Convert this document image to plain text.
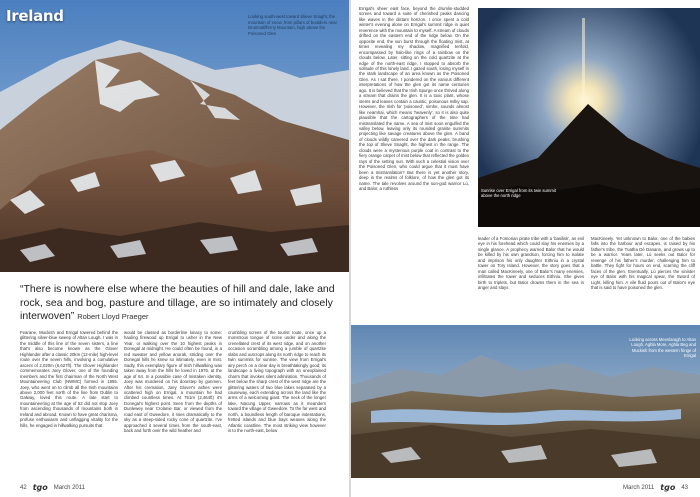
Ireland	Looking south-west toward Slieve Snaght, the mountain of snow, from pillars of boulders near Drumnalifferny Mountain, high above the Poisoned Glen
“There is nowhere else where the beauties of hill and dale, lake and rock, sea and bog, pasture and tillage, are so intimately and closely interwoven” Robert Lloyd Praeger
Fearane, Muckish and Errigal towered behind the glittering silver-blue sweep of Altan Lough. I was in the middle of this line of the seven sisters, a line that's also become known as the Glover Highlander after a classic 20km (12-mile) high-level route over the seven hills, involving a cumulative ascent of 2,020m (6,627ft). The Glover Highlander commemorates Joey Glover, one of the founding members and the first chairman of the North West Mountaineering Club (NWMC) formed in 1955. Joey, who went on to climb all the Irish mountains above 2,000 feet north of the line from Dublin to Galway, loved this route. A late start to mountaineering at the age of 52 did not stop Joey from ascending thousands of mountains both in Ireland and abroad. Known to have great charisma, profuse enthusiasm and unflagging vitality for the hills, he engaged in hillwalking pursuits that
would be classed as borderline lunacy to some: hauling firewood up Errigal to usher in the New Year, or walking over the 10 highest peaks in Donegal at midnight. He could often be found, in a red sweater and yellow anorak, striding over the Donegal hills he knew so intimately, even in mist. Sadly, this exemplary figure of Irish hillwalking was taken away from the hills he loved in 1976, at the age of 64. In a possible case of mistaken identity, Joey was murdered on his doorstep by gunmen. After his cremation, Joey Glover's ashes were scattered high on Errigal, a mountain he had climbed countless times. At 751m (2,464ft) it's Donegal's highest point. Seen from the depths of Dunlewey near Crolanie Bar, or viewed from the road east of Gweedore, it rises dramatically to the sky as a steep-sided rocky cone of quartzite. I've approached it several times from the south-east, back and forth over the wild heather and
crumbling screes of the tourist route, once up a monstrous tongue of scree under and along the crenellated crest of its west ridge, and on another occasion scrambling among a jumble of quartzite slabs and outcrops along its north ridge to reach its twin summits for sunrise. The view from Errigal's airy perch on a clear day is breathtakingly good; its landscape a living topograph with an unexplained charm that invokes silent admiration. Thousands of feet below the sharp crest of the west ridge are the glittering waters of two blue lakes separated by a causeway, each extending across the land like the arms of a welcoming giant. The neck of the longer lake, Nacung Upper, narrows as it meanders toward the village of Gweedore. To the far west and north, a boundless length of baroque indentations, fretted islands and blue bays weaves along the Atlantic coastline. The most striking view however is to the north-east, below
42 tgo March 2011
Errigal's sheer east face, beyond the drumlin-studded screes and toward a suite of cherished peaks dancing like waves in the distant horizon. I once spent a cold winter's evening alone on Errigal's summit ridge in quiet reverence with the mountain to myself. A stream of clouds drifted on the eastern end of the ridge below. On the opposite end, the sun burst through the floating mist, at times revealing my shadow, magnified tenfold, encompassed by halo-like rings of a rainbow on the clouds below. Later, sitting on the cold quartzite at the edge of the north-east ridge, I stopped to absorb the solitude of this lonely land. I gazed south, losing myself in the stark landscape of an area known as the Poisoned Glen. As I sat there, I pondered on the various different interpretations of how the glen got its name centuries ago. It is believed that the Irish Spurge once thrived along a stream that drains the glen. It is a toxic plant, whose stems and leaves contain a caustic, poisonous milky sap. However, the Irish for 'poisoned', nimhe, sounds almost like neamhai, which means 'heavenly', so it is also quite plausible that the cartographers of the time had mistranslated the name. A sea of mist soon engulfed the valley below, leaving only its rounded granite summits projecting like savage creatures above the glen. A band of clouds wildly careered over the dark peaks, brushing the top of Slieve Snaght, the highest in the range. The clouds were a mysterious purple coat in contrast to the fiery orange carpet of mist below that reflected the golden rays of the setting sun. With such a celestial vision over the Poisoned Glen, who could argue that it must have been a mistranslation? But there is yet another story, deep in the realms of folklore, of how the glen got its name. The tale revolves around the sun-god warrior Lú, and Balor, a ruthless	Sunrise over Errigal from its twin summit above the north ridge
leader of a Fomorian pirate tribe with a 'basilisk', an evil eye in his forehead which could slay his enemies by a single glance. A prophecy warned Balor that he would be killed by his own grandson, forcing him to isolate and imprison his only daughter Eithniu in a crystal tower on Tory Island. However, the story goes that a man called MacKineely, one of Balor's many enemies, infiltrates the tower and seduces Eithniu. She gives birth to triplets, but Balor drowns them in the sea in anger and slays
MacKineely. Yet unknown to Balor, one of the babies falls into the harbour and escapes, is raised by his father's tribe, the Tuatha Dé Danann, and grows up to be a warrior. Years later, Lú seeks out Balor for revenge of his father's murder, challenging him to battle. They fight for hours on end, scarring the cliff faces of the glen. Eventually, Lú pierces the sinister eye of Balor with his magical spear, the Sword of Light, killing him. A vile fluid pours out of Balor's eye that is said to have poisoned the glen.
Looking across Meenlaragh to Altan Lough, Aghla More, Aghla Beg and Muckish from the western fringe of Errigal
March 2011 tgo 43
